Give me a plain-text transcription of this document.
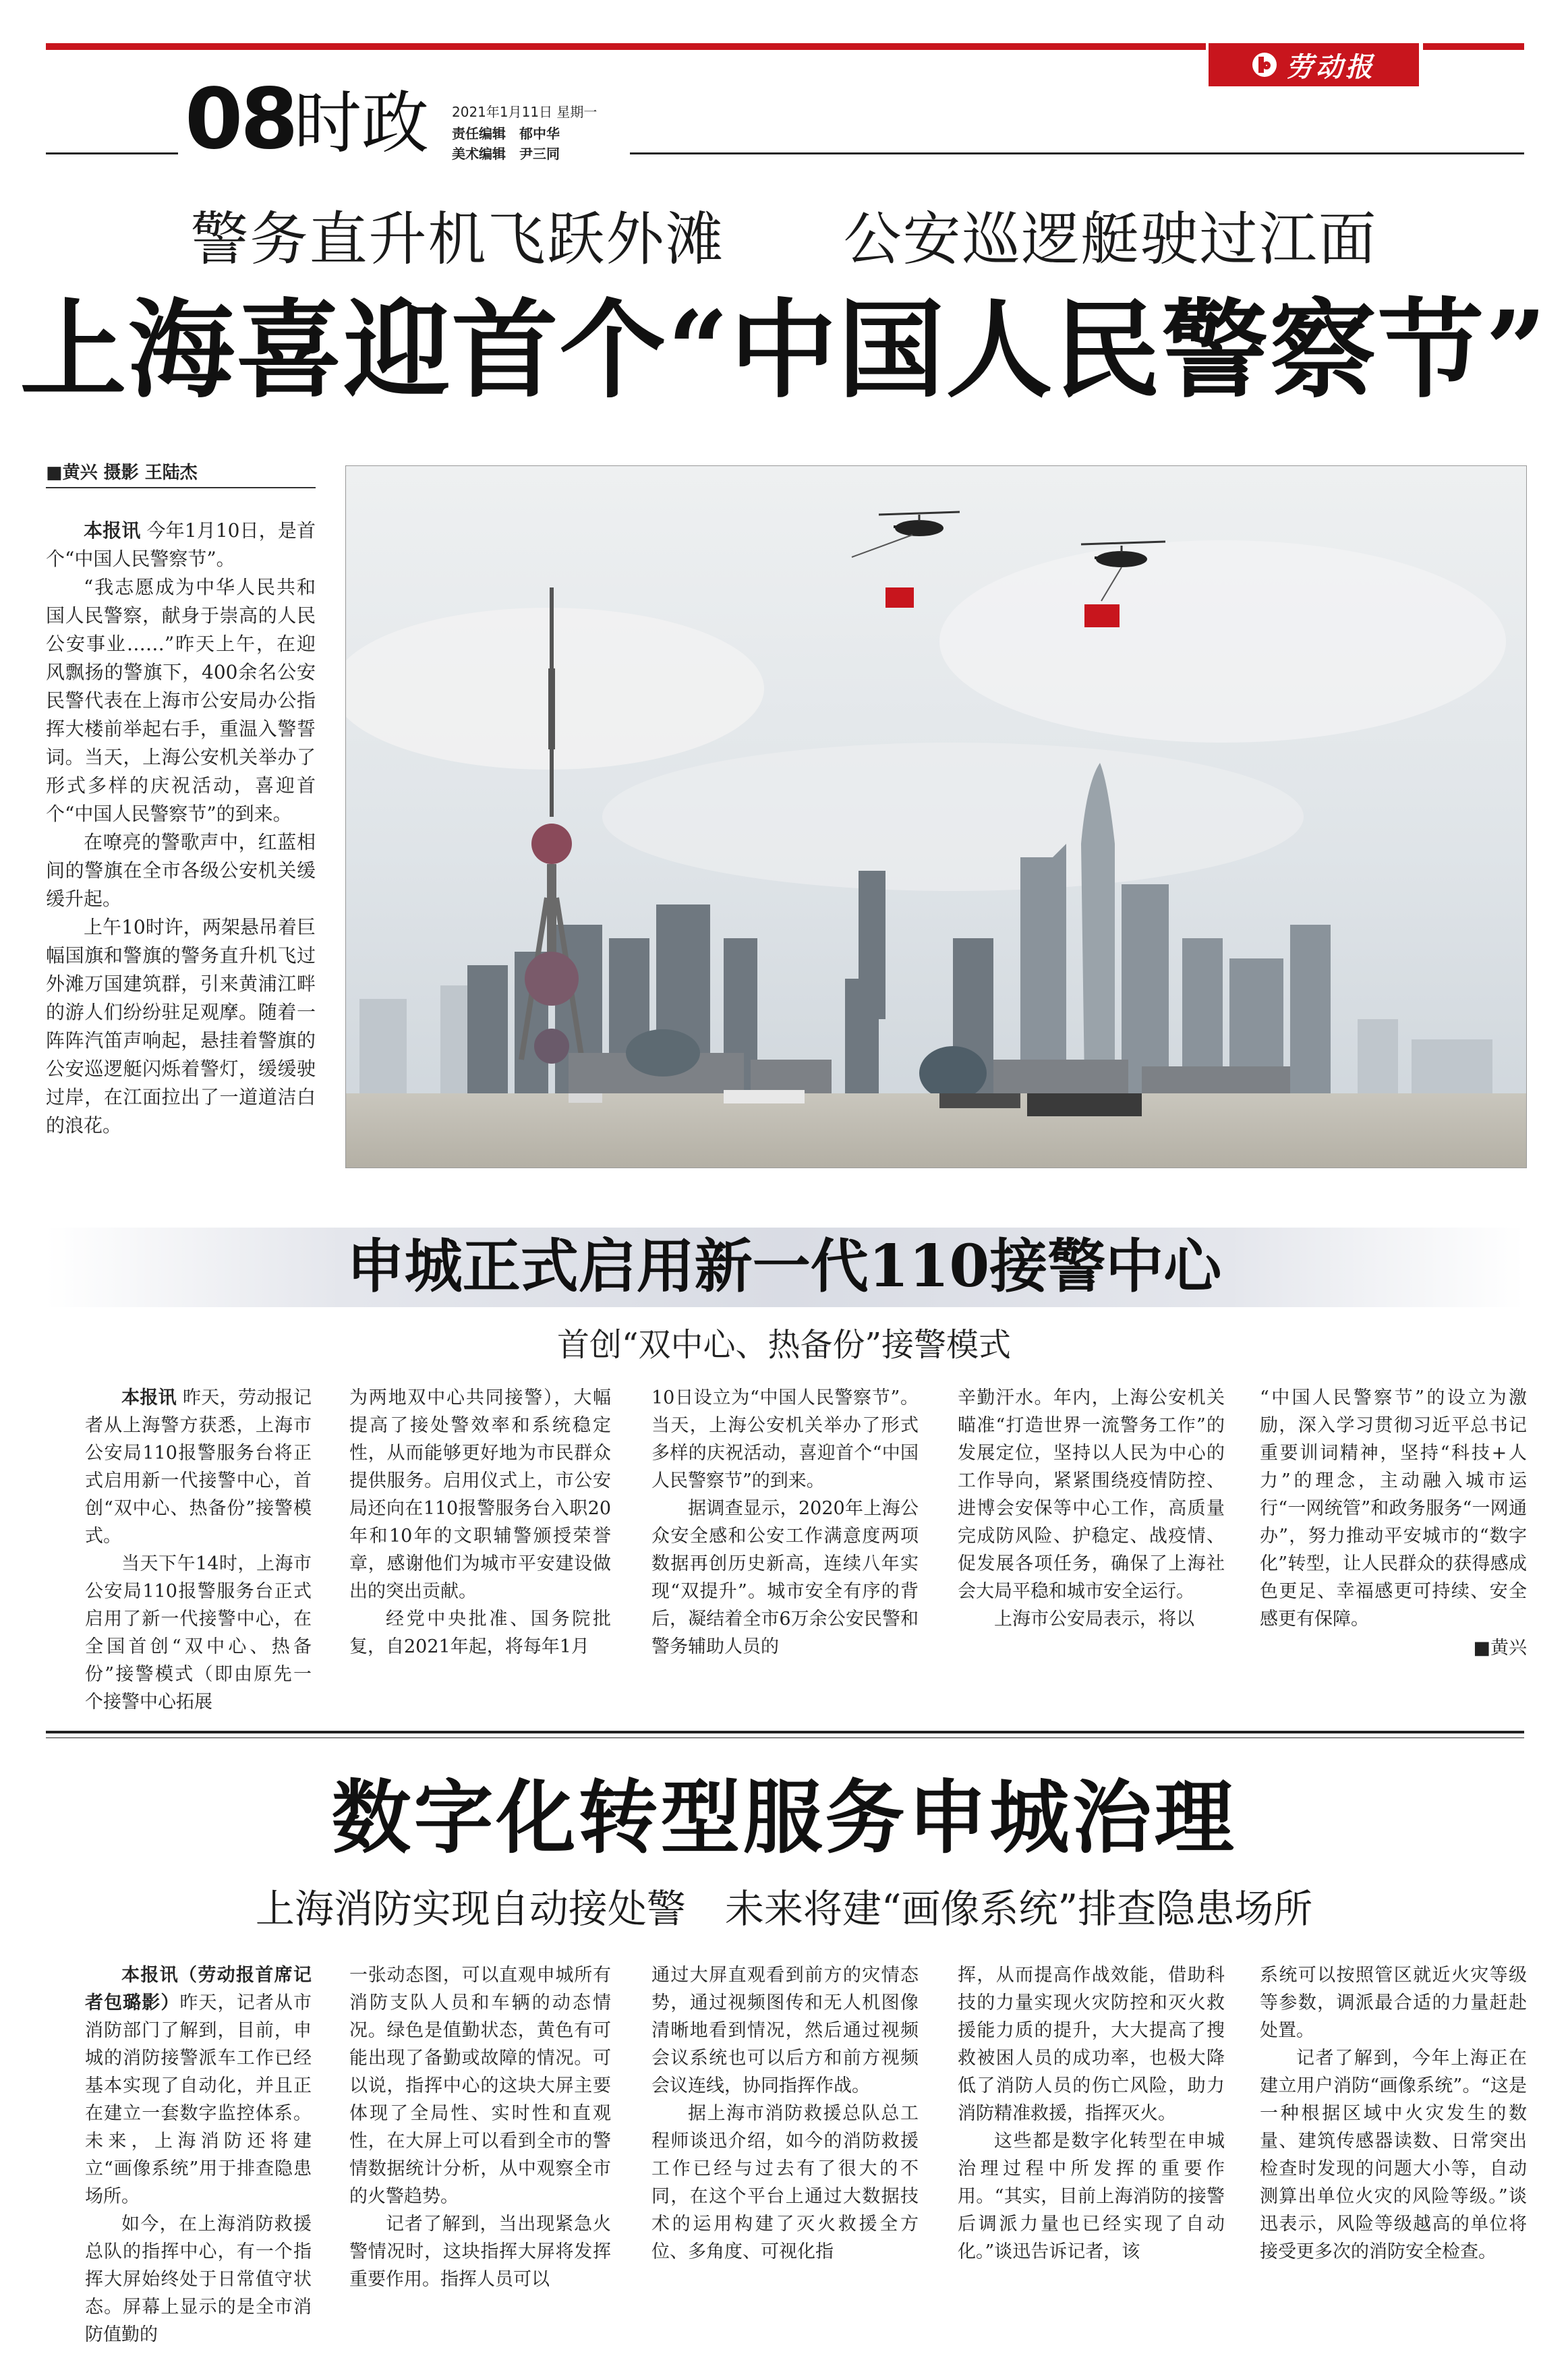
劳动报
08
时政 2021年1月11日 星期一
责任编辑　郁中华
美术编辑　尹三同
警务直升机飞跃外滩　　公安巡逻艇驶过江面
上海喜迎首个“中国人民警察节”
■黄兴 摄影 王陆杰

本报讯 今年1月10日，是首个“中国人民警察节”。

“我志愿成为中华人民共和国人民警察，献身于崇高的人民公安事业……”昨天上午，在迎风飘扬的警旗下，400余名公安民警代表在上海市公安局办公指挥大楼前举起右手，重温入警誓词。当天，上海公安机关举办了形式多样的庆祝活动，喜迎首个“中国人民警察节”的到来。

在嘹亮的警歌声中，红蓝相间的警旗在全市各级公安机关缓缓升起。

上午10时许，两架悬吊着巨幅国旗和警旗的警务直升机飞过外滩万国建筑群，引来黄浦江畔的游人们纷纷驻足观摩。随着一阵阵汽笛声响起，悬挂着警旗的公安巡逻艇闪烁着警灯，缓缓驶过岸，在江面拉出了一道道洁白的浪花。

申城正式启用新一代110接警中心
首创“双中心、热备份”接警模式

本报讯 昨天，劳动报记者从上海警方获悉，上海市公安局110报警服务台将正式启用新一代接警中心，首创“双中心、热备份”接警模式。

当天下午14时，上海市公安局110报警服务台正式启用了新一代接警中心，在全国首创“双中心、热备份”接警模式（即由原先一个接警中心拓展

为两地双中心共同接警），大幅提高了接处警效率和系统稳定性，从而能够更好地为市民群众提供服务。启用仪式上，市公安局还向在110报警服务台入职20年和10年的文职辅警颁授荣誉章，感谢他们为城市平安建设做出的突出贡献。

经党中央批准、国务院批复，自2021年起，将每年1月

10日设立为“中国人民警察节”。当天，上海公安机关举办了形式多样的庆祝活动，喜迎首个“中国人民警察节”的到来。

据调查显示，2020年上海公众安全感和公安工作满意度两项数据再创历史新高，连续八年实现“双提升”。城市安全有序的背后，凝结着全市6万余公安民警和警务辅助人员的

辛勤汗水。年内，上海公安机关瞄准“打造世界一流警务工作”的发展定位，坚持以人民为中心的工作导向，紧紧围绕疫情防控、进博会安保等中心工作，高质量完成防风险、护稳定、战疫情、促发展各项任务，确保了上海社会大局平稳和城市安全运行。

上海市公安局表示，将以

“中国人民警察节”的设立为激励，深入学习贯彻习近平总书记重要训词精神，坚持“科技+人力”的理念，主动融入城市运行“一网统管”和政务服务“一网通办”，努力推动平安城市的“数字化”转型，让人民群众的获得感成色更足、幸福感更可持续、安全感更有保障。

■黄兴
数字化转型服务申城治理
上海消防实现自动接处警　未来将建“画像系统”排查隐患场所

本报讯（劳动报首席记者包璐影）昨天，记者从市消防部门了解到，目前，申城的消防接警派车工作已经基本实现了自动化，并且正在建立一套数字监控体系。未来，上海消防还将建立“画像系统”用于排查隐患场所。

如今，在上海消防救援总队的指挥中心，有一个指挥大屏始终处于日常值守状态。屏幕上显示的是全市消防值勤的

一张动态图，可以直观申城所有消防支队人员和车辆的动态情况。绿色是值勤状态，黄色有可能出现了备勤或故障的情况。可以说，指挥中心的这块大屏主要体现了全局性、实时性和直观性，在大屏上可以看到全市的警情数据统计分析，从中观察全市的火警趋势。

记者了解到，当出现紧急火警情况时，这块指挥大屏将发挥重要作用。指挥人员可以

通过大屏直观看到前方的灾情态势，通过视频图传和无人机图像清晰地看到情况，然后通过视频会议系统也可以后方和前方视频会议连线，协同指挥作战。

据上海市消防救援总队总工程师谈迅介绍，如今的消防救援工作已经与过去有了很大的不同，在这个平台上通过大数据技术的运用构建了灭火救援全方位、多角度、可视化指

挥，从而提高作战效能，借助科技的力量实现火灾防控和灭火救援能力质的提升，大大提高了搜救被困人员的成功率，也极大降低了消防人员的伤亡风险，助力消防精准救援，指挥灭火。

这些都是数字化转型在申城治理过程中所发挥的重要作用。“其实，目前上海消防的接警后调派力量也已经实现了自动化。”谈迅告诉记者，该

系统可以按照管区就近火灾等级等参数，调派最合适的力量赶赴处置。

记者了解到，今年上海正在建立用户消防“画像系统”。“这是一种根据区域中火灾发生的数量、建筑传感器读数、日常突出检查时发现的问题大小等，自动测算出单位火灾的风险等级。”谈迅表示，风险等级越高的单位将接受更多次的消防安全检查。
